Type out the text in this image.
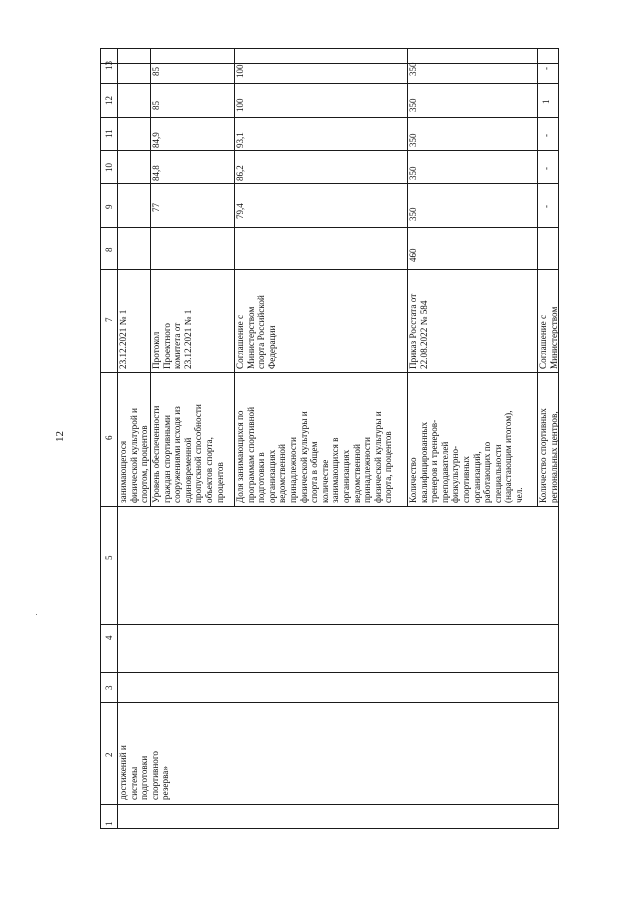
12
1
2
3
4
5
6
7
8
9
10
11
12
13
достижений и системы подготовки спортивного резерва»
занимающегося физической культурой и спортом, процентов
23.12.2021 № 1
Уровень обеспеченности граждан спортивными сооружениями исходя из единовременной пропускной способности объектов спорта, процентов
Протокол Проектного комитета от 23.12.2021 № 1
77
84,8
84,9
85
85
Доля занимающихся по программам спортивной подготовки в организациях ведомственной принадлежности физической культуры и спорта в общем количестве занимающихся в организациях ведомственной принадлежности физической культуры и спорта, процентов
Соглашение с Министерством спорта Российской Федерации
79,4
86,2
93,1
100
100
Количество квалифицированных тренеров и тренеров- преподавателей физкультурно- спортивных организаций, работающих по специальности (нарастающим итогом), чел.
Приказ Росстата от 22.08.2022 № 584
460
350
350
350
350
350
Количество спортивных региональных центров,
Соглашение с Министерством
-
-
-
1
-
